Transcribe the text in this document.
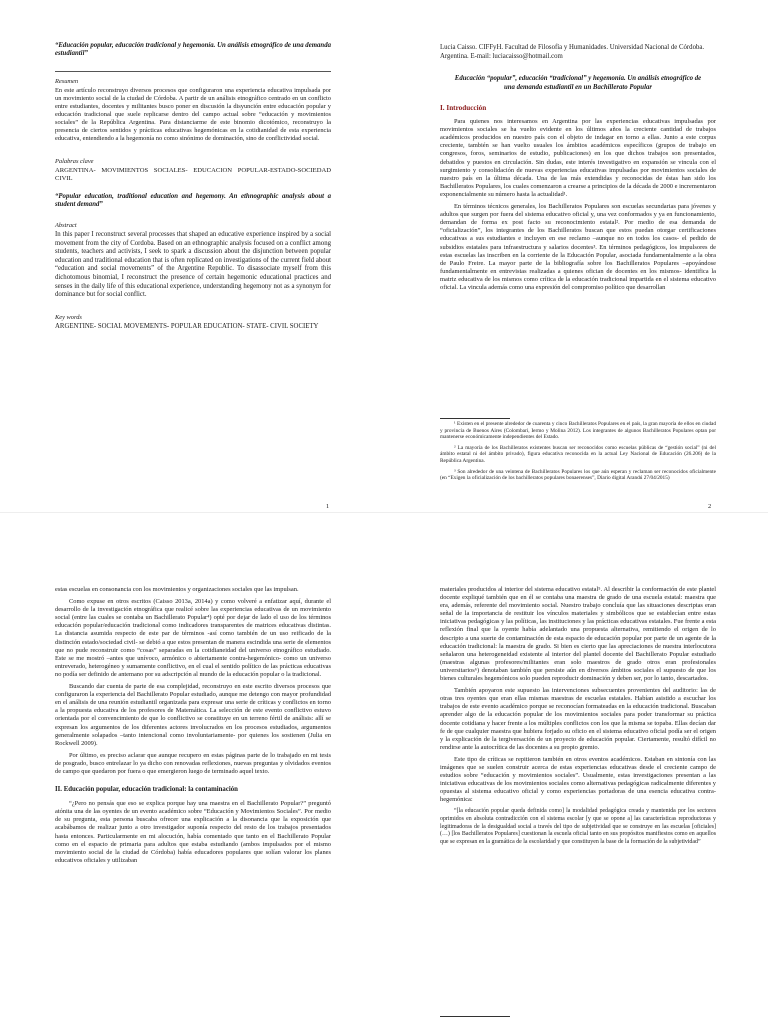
“Educación popular, educación tradicional y hegemonía. Un análisis etnográfico de una demanda estudiantil”
Resumen

En este artículo reconstruyo diversos procesos que configuraron una experiencia educativa impulsada por un movimiento social de la ciudad de Córdoba. A partir de un análisis etnográfico centrado en un conflicto entre estudiantes, docentes y militantes busco poner en discusión la disyunción entre educación popular y educación tradicional que suele replicarse dentro del campo actual sobre “educación y movimientos sociales” de la República Argentina. Para distanciarme de este binomio dicotómico, reconstruyo la presencia de ciertos sentidos y prácticas educativas hegemónicas en la cotidianidad de esta experiencia educativa, entendiendo a la hegemonía no como sinónimo de dominación, sino de conflictividad social.

Palabras clave
ARGENTINA- MOVIMIENTOS SOCIALES- EDUCACION POPULAR-ESTADO-SOCIEDAD CIVIL
“Popular education, traditional education and hegemony. An ethnographic analysis about a student demand”
Abstract

In this paper I reconstruct several processes that shaped an educative experience inspired by a social movement from the city of Cordoba. Based on an ethnographic analysis focused on a conflict among students, teachers and activists, I seek to spark a discussion about the disjunction between popular education and traditional education that is often replicated on investigations of the current field about “education and social movements” of the Argentine Republic. To disassociate myself from this dichotomous binomial, I reconstruct the presence of certain hegemonic educational practices and senses in the daily life of this educational experience, understanding hegemony not as a synonym for dominance but for social conflict.

Key words
ARGENTINE- SOCIAL MOVEMENTS- POPULAR EDUCATION- STATE- CIVIL SOCIETY
1
Lucia Caisso. CIFFyH. Facultad de Filosofía y Humanidades. Universidad Nacional de Córdoba. Argentina. E-mail: luciacaisso@hotmail.com
Educación “popular”, educación “tradicional” y hegemonía. Un análisis etnográfico de una demanda estudiantil en un Bachillerato Popular
I. Introducción

Para quienes nos interesamos en Argentina por las experiencias educativas impulsadas por movimientos sociales se ha vuelto evidente en los últimos años la creciente cantidad de trabajos académicos producidos en nuestro país con el objeto de indagar en torno a ellas. Junto a este corpus creciente, también se han vuelto usuales los ámbitos académicos específicos (grupos de trabajo en congresos, foros, seminarios de estudio, publicaciones) en los que dichos trabajos son presentados, debatidos y puestos en circulación. Sin dudas, este interés investigativo en expansión se vincula con el surgimiento y consolidación de nuevas experiencias educativas impulsadas por movimientos sociales de nuestro país en la última década. Una de las más extendidas y reconocidas de éstas han sido los Bachilleratos Populares, los cuales comenzaron a crearse a principios de la década de 2000 e incrementaron exponencialmente su número hasta la actualidad¹.

En términos técnicos generales, los Bachilleratos Populares son escuelas secundarias para jóvenes y adultos que surgen por fuera del sistema educativo oficial y, una vez conformados y ya en funcionamiento, demandan de forma ex post facto su reconocimiento estatal². Por medio de esa demanda de “oficialización”, los integrantes de los Bachilleratos buscan que estos puedan otorgar certificaciones educativas a sus estudiantes e incluyen en ese reclamo –aunque no en todos los casos- el pedido de subsidios estatales para infraestructura y salarios docentes³. En términos pedagógicos, los impulsores de estas escuelas las inscriben en la corriente de la Educación Popular, asociada fundamentalmente a la obra de Paulo Freire. La mayor parte de la bibliografía sobre los Bachilleratos Populares –apoyándose fundamentalmente en entrevistas realizadas a quienes ofician de docentes en los mismos- identifica la matriz educativa de los mismos como crítica de la educación tradicional impartida en el sistema educativo oficial. La vincula además como una expresión del compromiso político que desarrollan

¹ Existen en el presente alrededor de cuarenta y cinco Bachilleratos Populares en el país, la gran mayoría de ellos en ciudad y provincia de Buenos Aires (Colombari, Iermo y Molina 2012). Los integrantes de algunos Bachilleratos Populares optan por mantenerse económicamente independientes del Estado.

² La mayoría de los Bachilleratos existentes buscan ser reconocidos como escuelas públicas de “gestión social” (ni del ámbito estatal ni del ámbito privado), figura educativa reconocida en la actual Ley Nacional de Educación (26.206) de la República Argentina.

³ Son alrededor de una veintena de Bachilleratos Populares los que aún esperan y reclaman ser reconocidos oficialmente (en “Exigen la oficialización de los bachilleratos populares bonaerenses”, Diario digital Arandú 27/04/2015)

2

estas escuelas en consonancia con los movimientos y organizaciones sociales que las impulsan.

Como expuse en otros escritos (Caisso 2013a, 2014a) y como volveré a enfatizar aquí, durante el desarrollo de la investigación etnográfica que realicé sobre las experiencias educativas de un movimiento social (entre las cuales se contaba un Bachillerato Popular⁴) opté por dejar de lado el uso de los términos educación popular/educación tradicional como indicadores transparentes de matrices educativas distintas. La distancia asumida respecto de este par de términos -así como también de un uso reificado de la distinción estado/sociedad civil- se debió a que estos presentan de manera escindida una serie de elementos que no pude reconstruir como “cosas” separadas en la cotidianeidad del universo etnográfico estudiado. Este se me mostró –antes que unívoco, armónico o abiertamente contra-hegemónico- como un universo entreverado, heterogéneo y sumamente conflictivo, en el cual el sentido político de las prácticas educativas no podía ser definido de antemano por su adscripción al mundo de la educación popular o la tradicional.

Buscando dar cuenta de parte de esa complejidad, reconstruyo en este escrito diversos procesos que configuraron la experiencia del Bachillerato Popular estudiado, aunque me detengo con mayor profundidad en el análisis de una reunión estudiantil organizada para expresar una serie de críticas y conflictos en torno a la propuesta educativa de los profesores de Matemática. La selección de este evento conflictivo estuvo orientada por el convencimiento de que lo conflictivo se constituye en un terreno fértil de análisis: allí se expresan los argumentos de los diferentes actores involucrados en los procesos estudiados, argumentos generalmente solapados –tanto intencional como involuntariamente- por quienes los sostienen (Julia en Rockwell 2009).

Por último, es preciso aclarar que aunque recupero en estas páginas parte de lo trabajado en mi tesis de posgrado, busco entrelazar lo ya dicho con renovadas reflexiones, nuevas preguntas y olvidados eventos de campo que quedaron por fuera o que emergieron luego de terminado aquel texto.

II. Educación popular, educación tradicional: la contaminación

“¿Pero no pensás que eso se explica porque hay una maestra en el Bachillerato Popular?” preguntó atónita una de las oyentes de un evento académico sobre “Educación y Movimientos Sociales”. Por medio de su pregunta, esta persona buscaba ofrecer una explicación a la disonancia que la exposición que acabábamos de realizar junto a otro investigador suponía respecto del resto de los trabajos presentados hasta entonces. Particularmente en mi alocución, había comentado que tanto en el Bachillerato Popular como en el espacio de primaria para adultos que estaba estudiando (ambos impulsados por el mismo movimiento social de la ciudad de Córdoba) había educadores populares que solían valorar los planes educativos oficiales y utilizaban

materiales producidos al interior del sistema educativo estatal⁵. Al describir la conformación de este plantel docente expliqué también que en él se contaba una maestra de grado de una escuela estatal: maestra que era, además, referente del movimiento social. Nuestro trabajo concluía que las situaciones descriptas eran señal de la importancia de restituir los vínculos materiales y simbólicos que se establecían entre estas iniciativas pedagógicas y las políticas, las instituciones y las prácticas educativas estatales. Fue frente a esta reflexión final que la oyente había adelantado una propuesta alternativa, remitiendo el origen de lo descripto a una suerte de contaminación de esta espacio de educación popular por parte de un agente de la educación tradicional: la maestra de grado. Si bien es cierto que las apreciaciones de nuestra interlocutora señalaron una heterogeneidad existente al interior del plantel docente del Bachillerato Popular estudiado (maestras algunas profesores/militantes eran solo maestros de grado otros eran profesionales universitarios⁶) denotaban también que persiste aún en diversos ámbitos sociales el supuesto de que los bienes culturales hegemónicos solo pueden reproducir dominación y deben ser, por lo tanto, descartados.

También apoyaron este supuesto las intervenciones subsecuentes provenientes del auditorio: las de otras tres oyentes que eran ellas mismas maestras de escuelas estatales. Habían asistido a escuchar los trabajos de este evento académico porque se reconocían formateadas en la educación tradicional. Buscaban aprender algo de la educación popular de los movimientos sociales para poder transformar su práctica docente cotidiana y hacer frente a los múltiples conflictos con los que la misma se topaba. Ellas decían dar fe de que cualquier maestra que hubiera forjado su oficio en el sistema educativo oficial podía ser el origen y la explicación de la tergiversación de un proyecto de educación popular. Ciertamente, resultó difícil no rendirse ante la autocrítica de las docentes a su propio gremio.

Este tipo de críticas se repitieron también en otros eventos académicos. Estaban en sintonía con las imágenes que se suelen construir acerca de estas experiencias educativas desde el creciente campo de estudios sobre “educación y movimientos sociales”. Usualmente, estas investigaciones presentan a las iniciativas educativas de los movimientos sociales como alternativas pedagógicas radicalmente diferentes y opuestas al sistema educativo oficial y como experiencias portadoras de una esencia educativa contra-hegemónica:

“[la educación popular queda definida como] la modalidad pedagógica creada y mantenida por los sectores oprimidos en absoluta contradicción con el sistema escolar [y que se opone a] las características reproductoras y legitimadoras de la desigualdad social a través del tipo de subjetividad que se construye en las escuelas [oficiales](…) [los Bachilleratos Populares] cuestionan la escuela oficial tanto en sus propósitos manifiestos como en aquellos que se expresan en la gramática de la escolaridad y que constituyen la base de la formación de la subjetividad”
